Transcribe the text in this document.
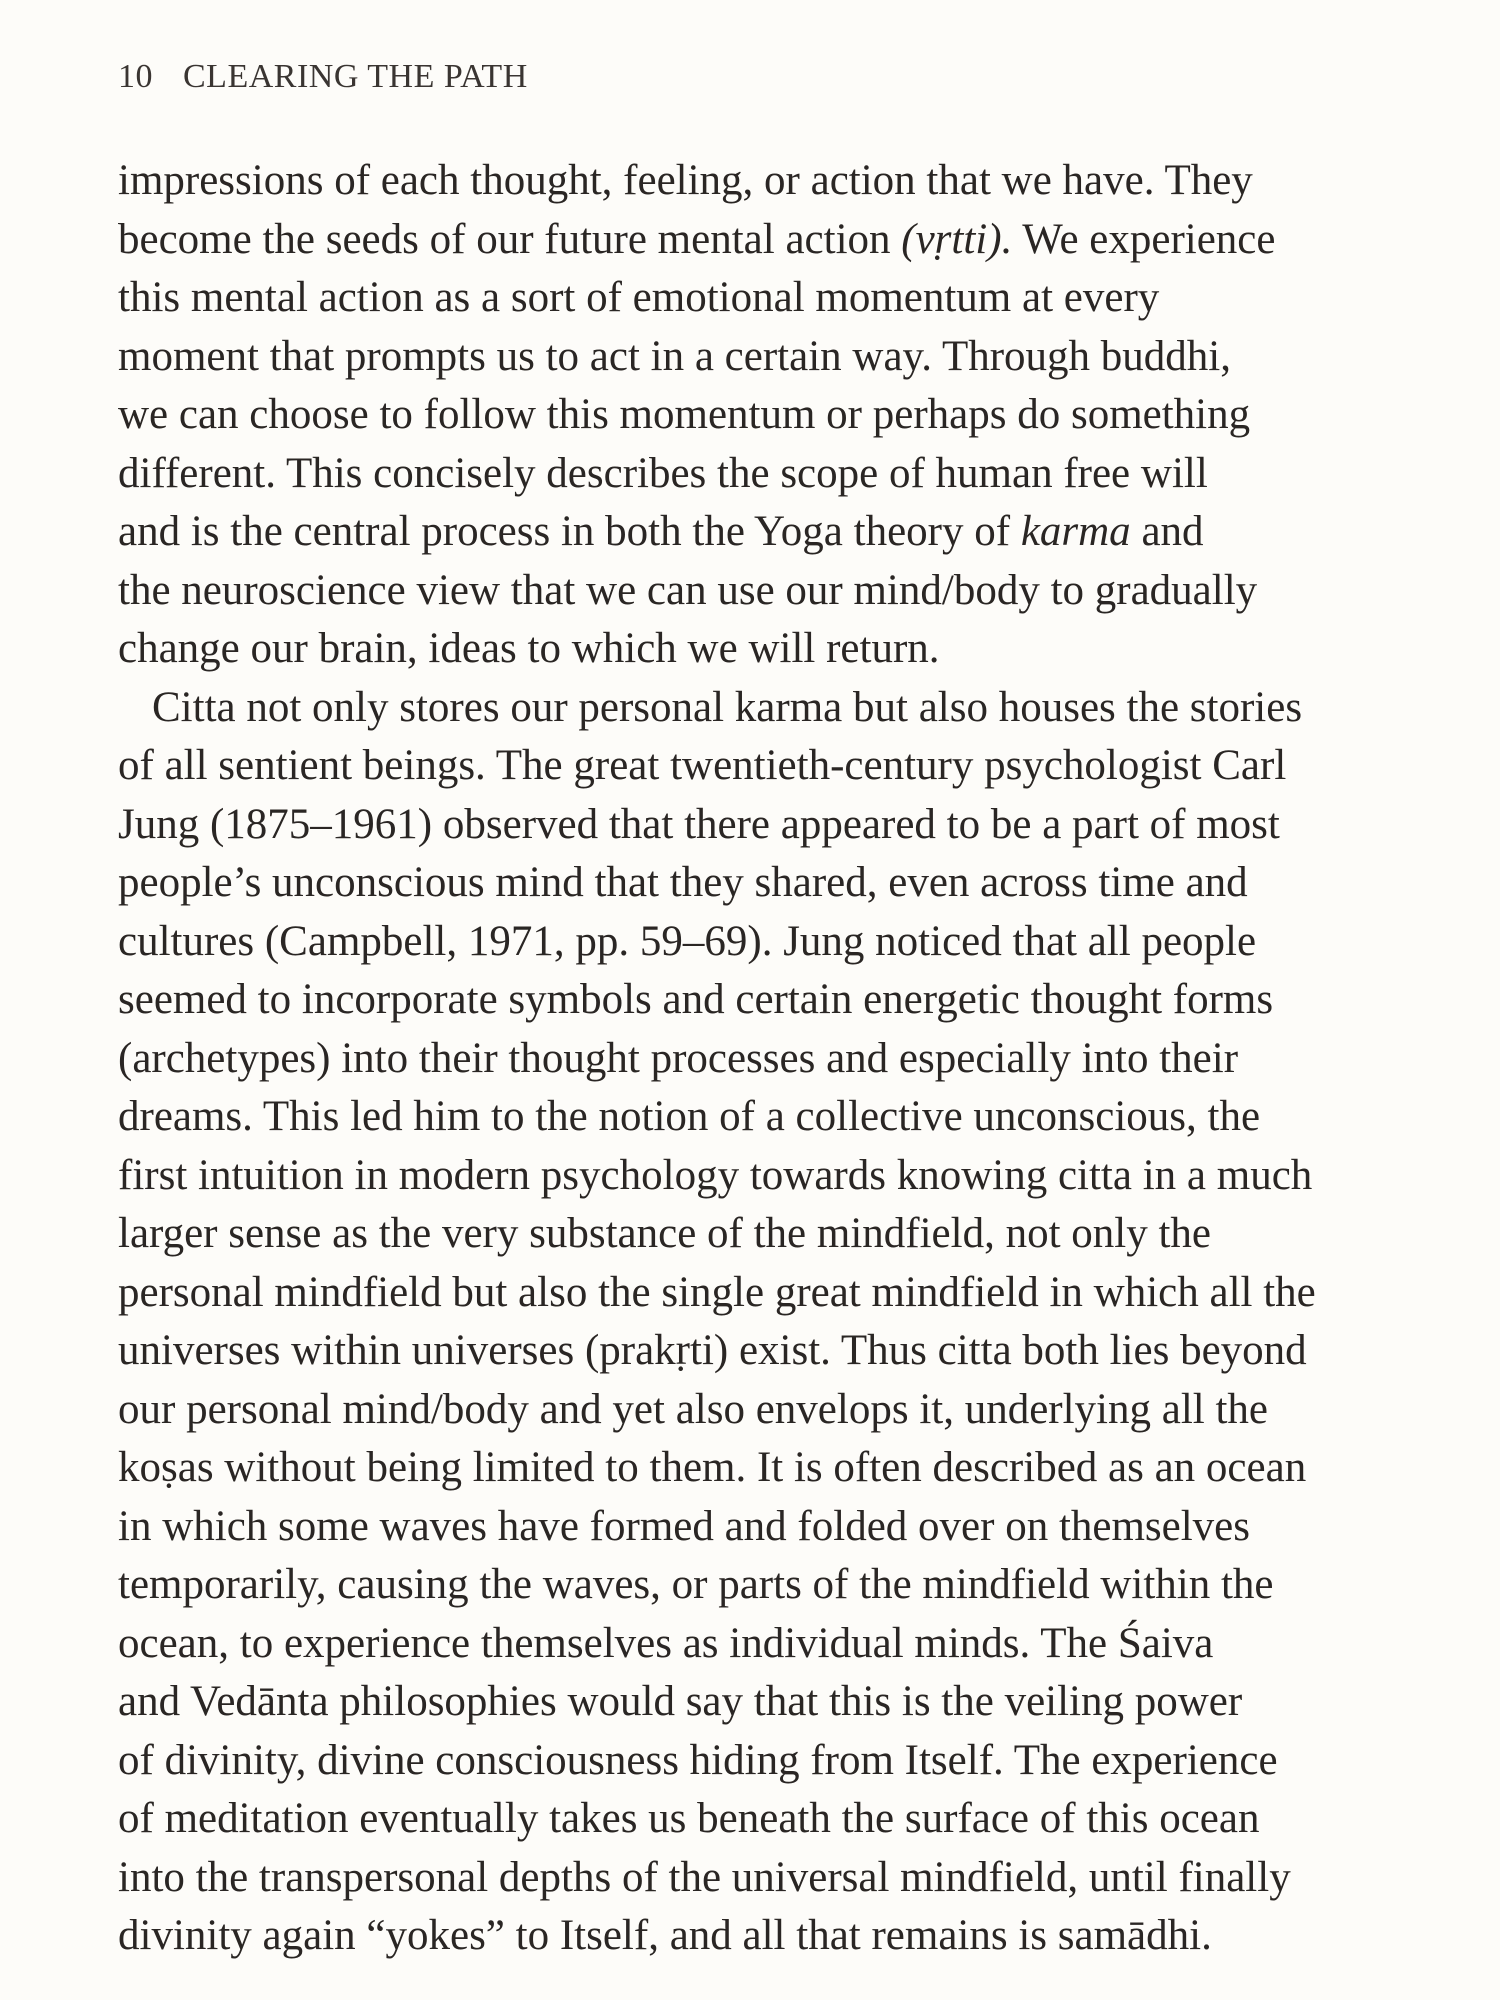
10 CLEARING THE PATH
impressions of each thought, feeling, or action that we have. They
become the seeds of our future mental action (vṛtti). We experience
this mental action as a sort of emotional momentum at every
moment that prompts us to act in a certain way. Through buddhi,
we can choose to follow this momentum or perhaps do something
different. This concisely describes the scope of human free will
and is the central process in both the Yoga theory of karma and
the neuroscience view that we can use our mind/body to gradually
change our brain, ideas to which we will return.
Citta not only stores our personal karma but also houses the stories
of all sentient beings. The great twentieth-century psychologist Carl
Jung (1875–1961) observed that there appeared to be a part of most
people’s unconscious mind that they shared, even across time and
cultures (Campbell, 1971, pp. 59–69). Jung noticed that all people
seemed to incorporate symbols and certain energetic thought forms
(archetypes) into their thought processes and especially into their
dreams. This led him to the notion of a collective unconscious, the
first intuition in modern psychology towards knowing citta in a much
larger sense as the very substance of the mindfield, not only the
personal mindfield but also the single great mindfield in which all the
universes within universes (prakṛti) exist. Thus citta both lies beyond
our personal mind/body and yet also envelops it, underlying all the
koṣas without being limited to them. It is often described as an ocean
in which some waves have formed and folded over on themselves
temporarily, causing the waves, or parts of the mindfield within the
ocean, to experience themselves as individual minds. The Śaiva
and Vedānta philosophies would say that this is the veiling power
of divinity, divine consciousness hiding from Itself. The experience
of meditation eventually takes us beneath the surface of this ocean
into the transpersonal depths of the universal mindfield, until finally
divinity again “yokes” to Itself, and all that remains is samādhi.
